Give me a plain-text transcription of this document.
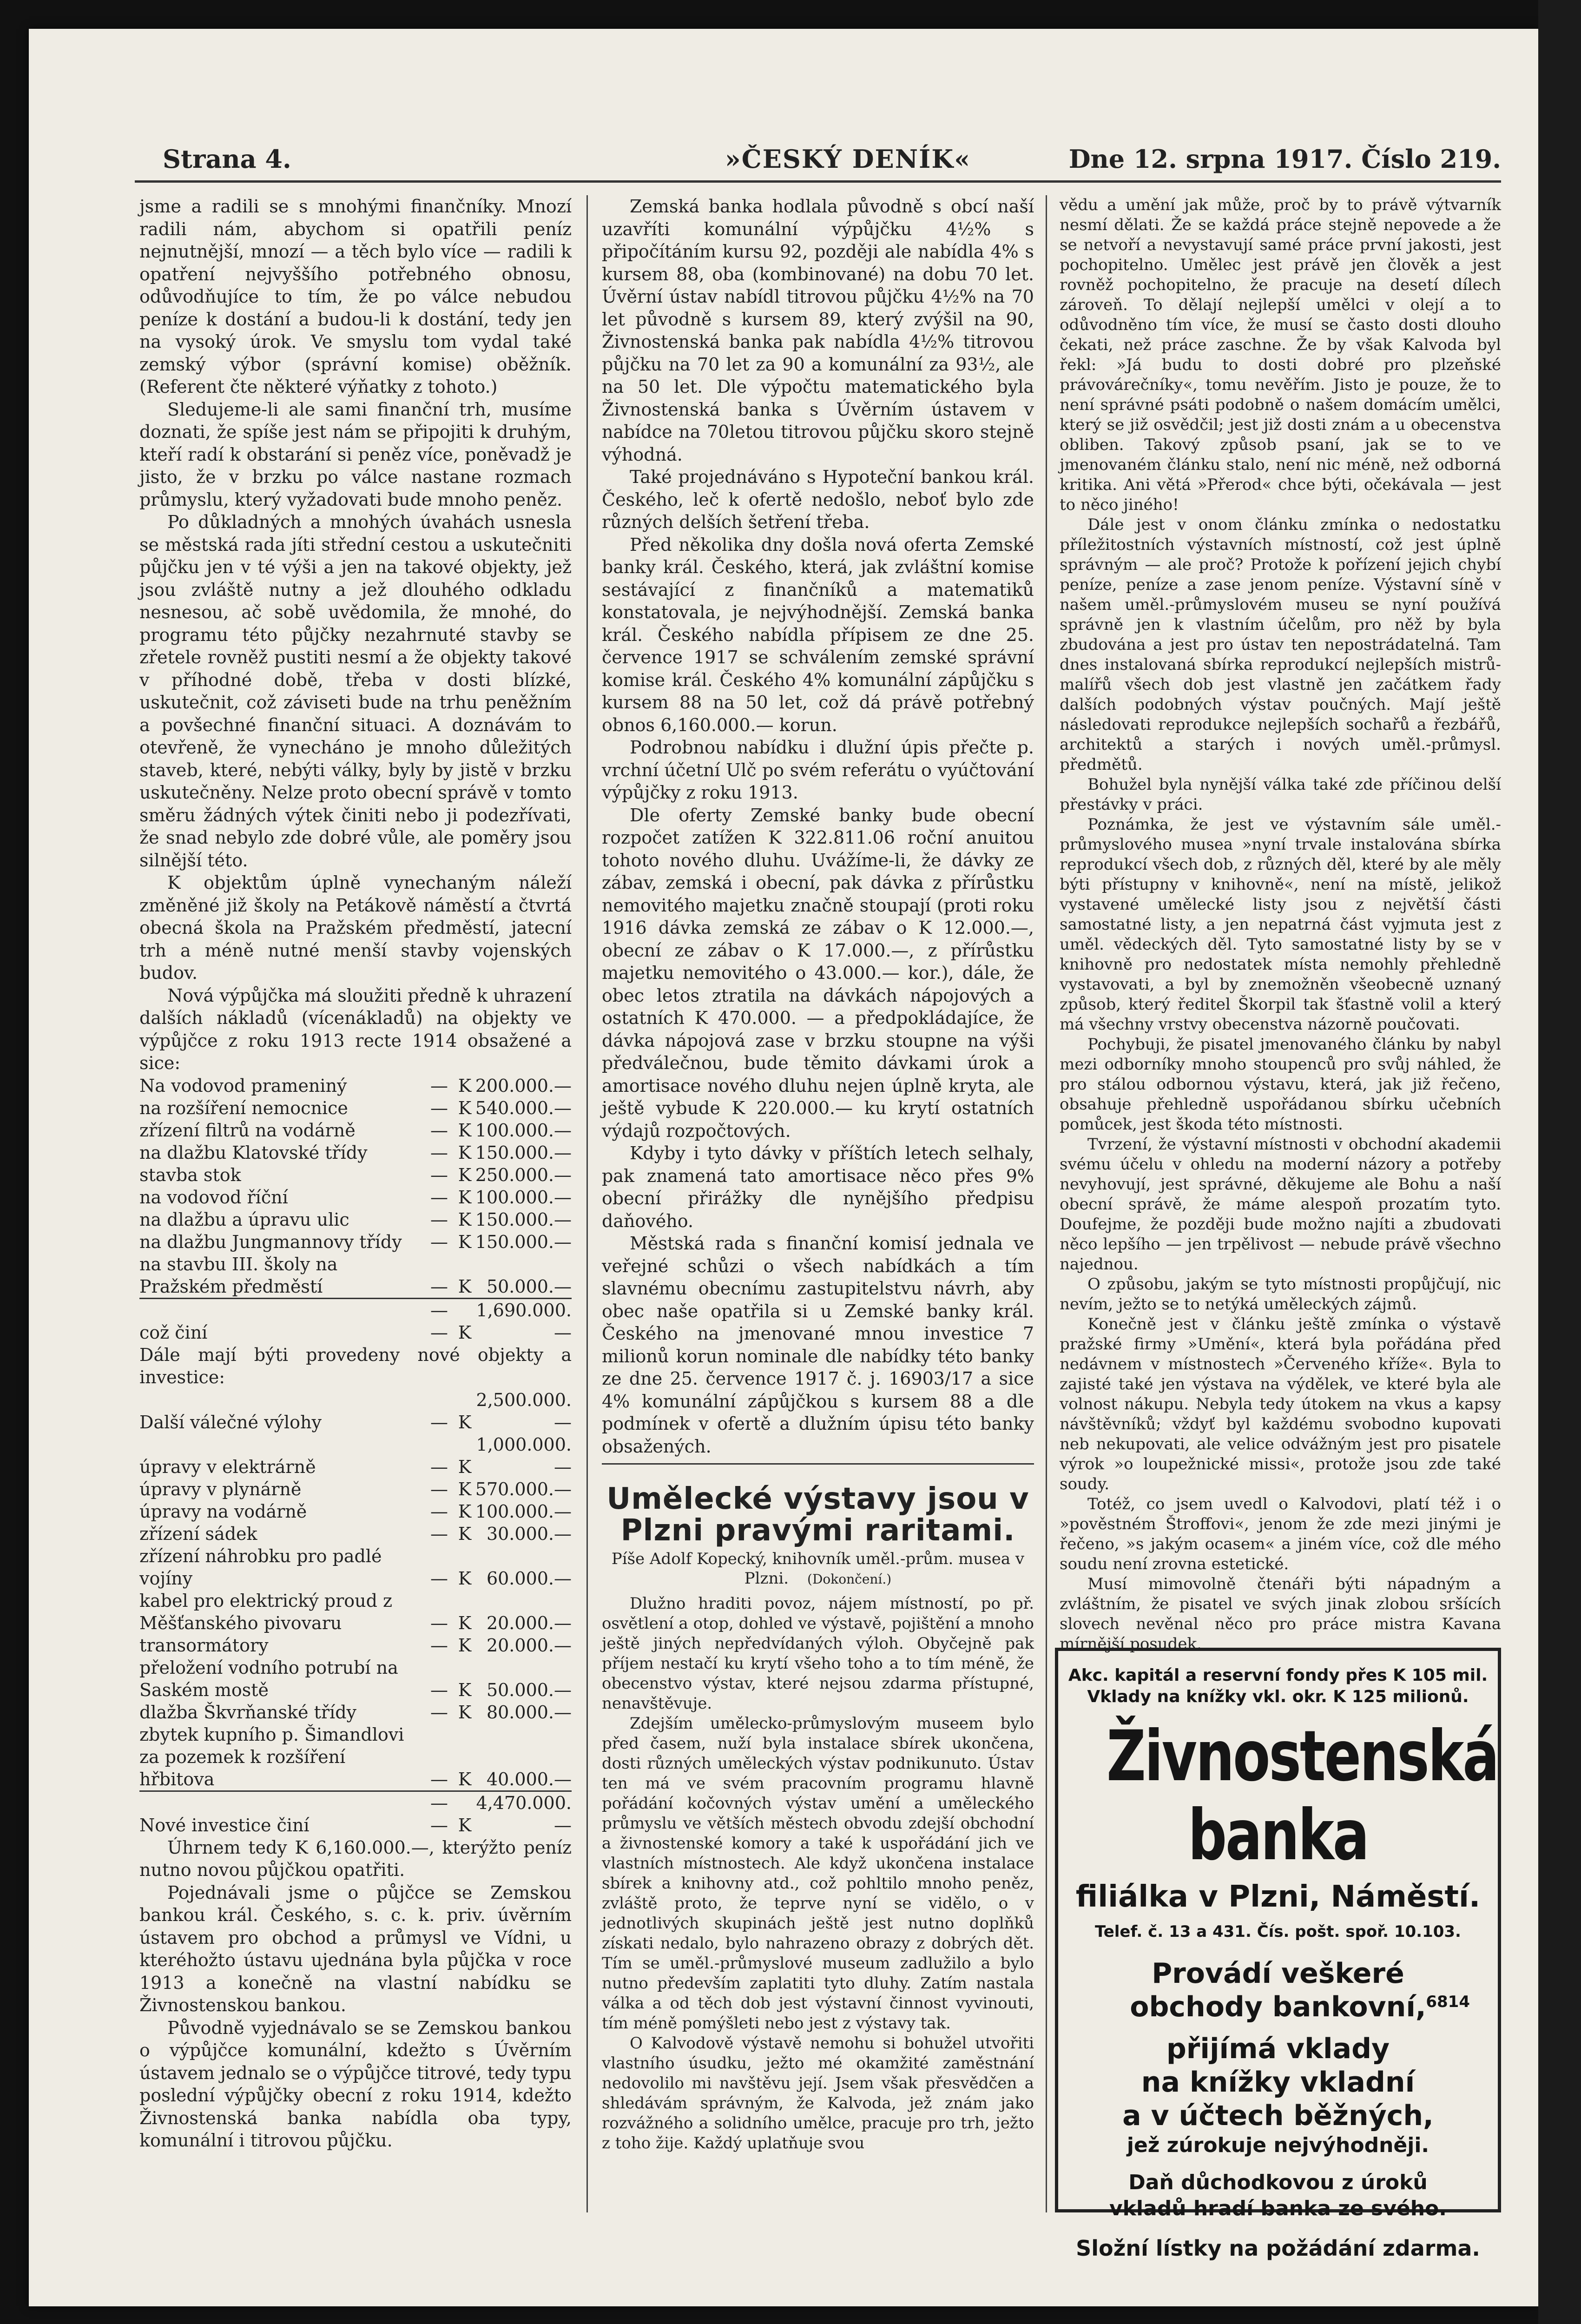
Strana 4.	»ČESKÝ DENÍK«	Dne 12. srpna 1917. Číslo 219.

jsme a radili se s mnohými finančníky. Mnozí radili nám, abychom si opatřili peníz nejnutnější, mnozí — a těch bylo více — radili k opatření nejvyššího potřebného obnosu, odůvodňujíce to tím, že po válce nebudou peníze k dostání a budou-li k dostání, tedy jen na vysoký úrok. Ve smyslu tom vydal také zemský výbor (správní komise) oběžník. (Referent čte některé výňatky z tohoto.)

Sledujeme-li ale sami finanční trh, musíme doznati, že spíše jest nám se připojiti k druhým, kteří radí k obstarání si peněz více, poněvadž je jisto, že v brzku po válce nastane rozmach průmyslu, který vyžadovati bude mnoho peněz.

Po důkladných a mnohých úvahách usnesla se městská rada jíti střední cestou a uskutečniti půjčku jen v té výši a jen na takové objekty, jež jsou zvláště nutny a jež dlouhého odkladu nesnesou, ač sobě uvědomila, že mnohé, do programu této půjčky nezahrnuté stavby se zřetele rovněž pustiti nesmí a že objekty takové v příhodné době, třeba v dosti blízké, uskutečnit, což záviseti bude na trhu peněžním a povšechné finanční situaci. A doznávám to otevřeně, že vynecháno je mnoho důležitých staveb, které, nebýti války, byly by jistě v brzku uskutečněny. Nelze proto obecní správě v tomto směru žádných výtek činiti nebo ji podezřívati, že snad nebylo zde dobré vůle, ale poměry jsou silnější této.

K objektům úplně vynechaným náleží změněné již školy na Petákově náměstí a čtvrtá obecná škola na Pražském předměstí, jatecní trh a méně nutné menší stavby vojenských budov.

Nová výpůjčka má sloužiti předně k uhrazení dalších nákladů (vícenákladů) na objekty ve výpůjčce z roku 1913 recte 1914 obsažené a sice:

Na vodovod prameniný	—	K	200.000.—
na rozšíření nemocnice	—	K	540.000.—
zřízení filtrů na vodárně	—	K	100.000.—
na dlažbu Klatovské třídy	—	K	150.000.—
stavba stok	—	K	250.000.—
na vodovod říční	—	K	100.000.—
na dlažbu a úpravu ulic	—	K	150.000.—
na dlažbu Jungmannovy třídy	—	K	150.000.—
na stavbu III. školy na Pražském předměstí	—	K	50.000.—
což činí	— —	K	1,690.000.—

Dále mají býti provedeny nové objekty a investice:

Další válečné výlohy	—	K	2,500.000.—
úpravy v elektrárně	—	K	1,000.000.—
úpravy v plynárně	—	K	570.000.—
úpravy na vodárně	—	K	100.000.—
zřízení sádek	—	K	30.000.—
zřízení náhrobku pro padlé vojíny	—	K	60.000.—
kabel pro elektrický proud z Měšťanského pivovaru	—	K	20.000.—
transormátory	—	K	20.000.—
přeložení vodního potrubí na Saském mostě	—	K	50.000.—
dlažba Škvrňanské třídy	—	K	80.000.—
zbytek kupního p. Šimandlovi za pozemek k rozšíření hřbitova	—	K	40.000.—
Nové investice činí	— —	K	4,470.000.—

Úhrnem tedy K 6,160.000.—, kterýžto peníz nutno novou půjčkou opatřiti.

Pojednávali jsme o půjčce se Zemskou bankou král. Českého, s. c. k. priv. úvěrním ústavem pro obchod a průmysl ve Vídni, u kteréhožto ústavu ujednána byla půjčka v roce 1913 a konečně na vlastní nabídku se Živnostenskou bankou.

Původně vyjednávalo se se Zemskou bankou o výpůjčce komunální, kdežto s Úvěrním ústavem jednalo se o výpůjčce titrové, tedy typu poslední výpůjčky obecní z roku 1914, kdežto Živnostenská banka nabídla oba typy, komunální i titrovou půjčku.

Zemská banka hodlala původně s obcí naší uzavříti komunální výpůjčku 4½% s připočítáním kursu 92, později ale nabídla 4% s kursem 88, oba (kombinované) na dobu 70 let. Úvěrní ústav nabídl titrovou půjčku 4½% na 70 let původně s kursem 89, který zvýšil na 90, Živnostenská banka pak nabídla 4½% titrovou půjčku na 70 let za 90 a komunální za 93½, ale na 50 let. Dle výpočtu matematického byla Živnostenská banka s Úvěrním ústavem v nabídce na 70letou titrovou půjčku skoro stejně výhodná.

Také projednáváno s Hypoteční bankou král. Českého, leč k ofertě nedošlo, neboť bylo zde různých delších šetření třeba.

Před několika dny došla nová oferta Zemské banky král. Českého, která, jak zvláštní komise sestávající z finančníků a matematiků konstatovala, je nejvýhodnější. Zemská banka král. Českého nabídla přípisem ze dne 25. července 1917 se schválením zemské správní komise král. Českého 4% komunální zápůjčku s kursem 88 na 50 let, což dá právě potřebný obnos 6,160.000.— korun.

Podrobnou nabídku i dlužní úpis přečte p. vrchní účetní Ulč po svém referátu o vyúčtování výpůjčky z roku 1913.

Dle oferty Zemské banky bude obecní rozpočet zatížen K 322.811.06 roční anuitou tohoto nového dluhu. Uvážíme-li, že dávky ze zábav, zemská i obecní, pak dávka z přírůstku nemovitého majetku značně stoupají (proti roku 1916 dávka zemská ze zábav o K 12.000.—, obecní ze zábav o K 17.000.—, z přírůstku majetku nemovitého o 43.000.— kor.), dále, že obec letos ztratila na dávkách nápojových a ostatních K 470.000. — a předpokládajíce, že dávka nápojová zase v brzku stoupne na výši předválečnou, bude těmito dávkami úrok a amortisace nového dluhu nejen úplně kryta, ale ještě vybude K 220.000.— ku krytí ostatních výdajů rozpočtových.

Kdyby i tyto dávky v příštích letech selhaly, pak znamená tato amortisace něco přes 9% obecní přirážky dle nynějšího předpisu daňového.

Městská rada s finanční komisí jednala ve veřejné schůzi o všech nabídkách a tím slavnému obecnímu zastupitelstvu návrh, aby obec naše opatřila si u Zemské banky král. Českého na jmenované mnou investice 7 milionů korun nominale dle nabídky této banky ze dne 25. července 1917 č. j. 16903/17 a sice 4% komunální zápůjčkou s kursem 88 a dle podmínek v ofertě a dlužním úpisu této banky obsažených.

Umělecké výstavy jsou v Plzni pravými raritami.
Píše Adolf Kopecký, knihovník uměl.-prům. musea v Plzni. (Dokončení.)

Dlužno hraditi povoz, nájem místností, po př. osvětlení a otop, dohled ve výstavě, pojištění a mnoho ještě jiných nepředvídaných výloh. Obyčejně pak příjem nestačí ku krytí všeho toho a to tím méně, že obecenstvo výstav, které nejsou zdarma přístupné, nenavštěvuje.

Zdejším umělecko-průmyslovým museem bylo před časem, nuží byla instalace sbírek ukončena, dosti různých uměleckých výstav podnikunuto. Ústav ten má ve svém pracovním programu hlavně pořádání kočovných výstav umění a uměleckého průmyslu ve větších městech obvodu zdejší obchodní a živnostenské komory a také k uspořádání jich ve vlastních místnostech. Ale když ukončena instalace sbírek a knihovny atd., což pohltilo mnoho peněz, zvláště proto, že teprve nyní se vidělo, o v jednotlivých skupinách ještě jest nutno doplňků získati nedalo, bylo nahrazeno obrazy z dobrých dět. Tím se uměl.-průmyslové museum zadlužilo a bylo nutno především zaplatiti tyto dluhy. Zatím nastala válka a od těch dob jest výstavní činnost vyvinouti, tím méně pomýšleti nebo jest z výstavy tak.

O Kalvodově výstavě nemohu si bohužel utvořiti vlastního úsudku, ježto mé okamžité zaměstnání nedovolilo mi navštěvu její. Jsem však přesvědčen a shledávám správným, že Kalvoda, jež znám jako rozvážného a solidního umělce, pracuje pro trh, ježto z toho žije. Každý uplatňuje svou

vědu a umění jak může, proč by to právě výtvarník nesmí dělati. Že se každá práce stejně nepovede a že se netvoří a nevystavují samé práce první jakosti, jest pochopitelno. Umělec jest právě jen člověk a jest rovněž pochopitelno, že pracuje na desetí dílech zároveň. To dělají nejlepší umělci v olejí a to odůvodněno tím více, že musí se často dosti dlouho čekati, než práce zaschne. Že by však Kalvoda byl řekl: »Já budu to dosti dobré pro plzeňské právovárečníky«, tomu nevěřím. Jisto je pouze, že to není správné psáti podobně o našem domácím umělci, který se již osvědčil; jest již dosti znám a u obecenstva obliben. Takový způsob psaní, jak se to ve jmenovaném článku stalo, není nic méně, než odborná kritika. Ani větá »Přerod« chce býti, očekávala — jest to něco jiného!

Dále jest v onom článku zmínka o nedostatku příležitostních výstavních místností, což jest úplně správným — ale proč? Protože k pořízení jejich chybí peníze, peníze a zase jenom peníze. Výstavní síně v našem uměl.-průmyslovém museu se nyní používá správně jen k vlastním účelům, pro něž by byla zbudována a jest pro ústav ten nepostrádatelná. Tam dnes instalovaná sbírka reprodukcí nejlepších mistrů-malířů všech dob jest vlastně jen začátkem řady dalších podobných výstav poučných. Mají ještě následovati reprodukce nejlepších sochařů a řezbářů, architektů a starých i nových uměl.-průmysl. předmětů.

Bohužel byla nynější válka také zde příčinou delší přestávky v práci.

Poznámka, že jest ve výstavním sále uměl.-průmyslového musea »nyní trvale instalována sbírka reprodukcí všech dob, z různých děl, které by ale měly býti přístupny v knihovně«, není na místě, jelikož vystavené umělecké listy jsou z největší části samostatné listy, a jen nepatrná část vyjmuta jest z uměl. vědeckých děl. Tyto samostatné listy by se v knihovně pro nedostatek místa nemohly přehledně vystavovati, a byl by znemožněn všeobecně uznaný způsob, který ředitel Škorpil tak šťastně volil a který má všechny vrstvy obecenstva názorně poučovati.

Pochybuji, že pisatel jmenovaného článku by nabyl mezi odborníky mnoho stoupenců pro svůj náhled, že pro stálou odbornou výstavu, která, jak již řečeno, obsahuje přehledně uspořádanou sbírku učebních pomůcek, jest škoda této místnosti.

Tvrzení, že výstavní místnosti v obchodní akademii svému účelu v ohledu na moderní názory a potřeby nevyhovují, jest správné, děkujeme ale Bohu a naší obecní správě, že máme alespoň prozatím tyto. Doufejme, že později bude možno najíti a zbudovati něco lepšího — jen trpělivost — nebude právě všechno najednou.

O způsobu, jakým se tyto místnosti propůjčují, nic nevím, ježto se to netýká uměleckých zájmů.

Konečně jest v článku ještě zmínka o výstavě pražské firmy »Umění«, která byla pořádána před nedávnem v místnostech »Červeného kříže«. Byla to zajisté také jen výstava na výdělek, ve které byla ale volnost nákupu. Nebyla tedy útokem na vkus a kapsy návštěvníků; vždyť byl každému svobodno kupovati neb nekupovati, ale velice odvážným jest pro pisatele výrok »o loupežnické missi«, protože jsou zde také soudy.

Totéž, co jsem uvedl o Kalvodovi, platí též i o »pověstném Štroffovi«, jenom že zde mezi jinými je řečeno, »s jakým ocasem« a jiném více, což dle mého soudu není zrovna estetické.

Musí mimovolně čtenáři býti nápadným a zvláštním, že pisatel ve svých jinak zlobou sršících slovech nevěnal něco pro práce mistra Kavana mírnější posudek.

Akc. kapitál a reservní fondy přes K 105 mil.
Vklady na knížky vkl. okr. K 125 milionů.
Živnostenská banka
filiálka v Plzni, Náměstí.
Telef. č. 13 a 431. Čís. pošt. spoř. 10.103.
Provádí veškeré
obchody bankovní,
přijímá vklady
na knížky vkladní
a v účtech běžných,
jež zúrokuje nejvýhodněji.
Daň důchodkovou z úroků
vkladů hradí banka ze svého.
Složní lístky na požádání zdarma.
6814
